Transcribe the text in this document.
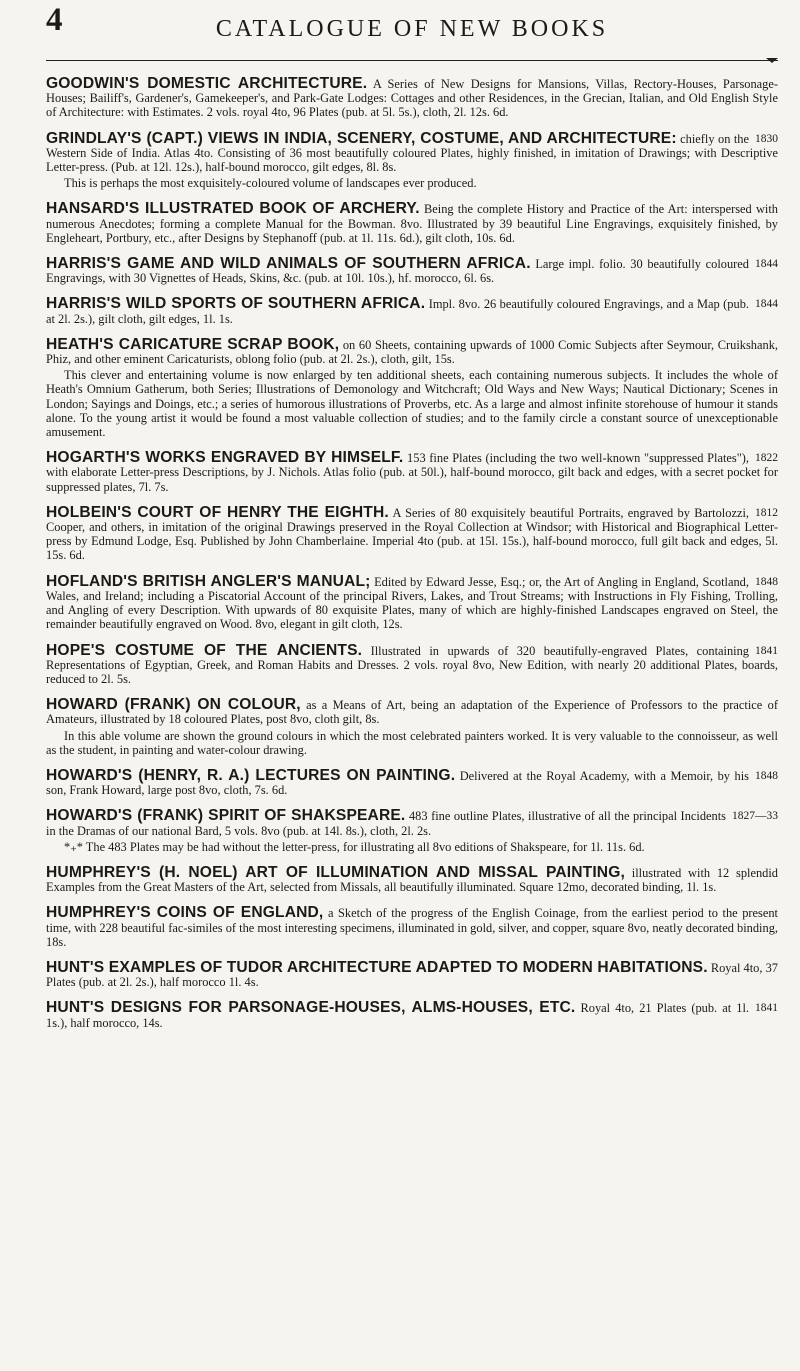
4	CATALOGUE OF NEW BOOKS

GOODWIN'S DOMESTIC ARCHITECTURE. A Series of New Designs for Mansions, Villas, Rectory-Houses, Parsonage-Houses; Bailiff's, Gardener's, Gamekeeper's, and Park-Gate Lodges: Cottages and other Residences, in the Grecian, Italian, and Old English Style of Architecture: with Estimates. 2 vols. royal 4to, 96 Plates (pub. at 5l. 5s.), cloth, 2l. 12s. 6d.

1830
GRINDLAY'S (CAPT.) VIEWS IN INDIA, SCENERY, COSTUME, AND ARCHITECTURE: chiefly on the Western Side of India. Atlas 4to. Consisting of 36 most beautifully coloured Plates, highly finished, in imitation of Drawings; with Descriptive Letter-press. (Pub. at 12l. 12s.), half-bound morocco, gilt edges, 8l. 8s.

This is perhaps the most exquisitely-coloured volume of landscapes ever produced.

HANSARD'S ILLUSTRATED BOOK OF ARCHERY. Being the complete History and Practice of the Art: interspersed with numerous Anecdotes; forming a complete Manual for the Bowman. 8vo. Illustrated by 39 beautiful Line Engravings, exquisitely finished, by Engleheart, Portbury, etc., after Designs by Stephanoff (pub. at 1l. 11s. 6d.), gilt cloth, 10s. 6d.

1844
HARRIS'S GAME AND WILD ANIMALS OF SOUTHERN AFRICA. Large impl. folio. 30 beautifully coloured Engravings, with 30 Vignettes of Heads, Skins, &c. (pub. at 10l. 10s.), hf. morocco, 6l. 6s.

1844
HARRIS'S WILD SPORTS OF SOUTHERN AFRICA. Impl. 8vo. 26 beautifully coloured Engravings, and a Map (pub. at 2l. 2s.), gilt cloth, gilt edges, 1l. 1s.

HEATH'S CARICATURE SCRAP BOOK, on 60 Sheets, containing upwards of 1000 Comic Subjects after Seymour, Cruikshank, Phiz, and other eminent Caricaturists, oblong folio (pub. at 2l. 2s.), cloth, gilt, 15s.

This clever and entertaining volume is now enlarged by ten additional sheets, each containing numerous subjects. It includes the whole of Heath's Omnium Gatherum, both Series; Illustrations of Demonology and Witchcraft; Old Ways and New Ways; Nautical Dictionary; Scenes in London; Sayings and Doings, etc.; a series of humorous illustrations of Proverbs, etc. As a large and almost infinite storehouse of humour it stands alone. To the young artist it would be found a most valuable collection of studies; and to the family circle a constant source of unexceptionable amusement.

1822
HOGARTH'S WORKS ENGRAVED BY HIMSELF. 153 fine Plates (including the two well-known "suppressed Plates"), with elaborate Letter-press Descriptions, by J. Nichols. Atlas folio (pub. at 50l.), half-bound morocco, gilt back and edges, with a secret pocket for suppressed plates, 7l. 7s.

1812
HOLBEIN'S COURT OF HENRY THE EIGHTH. A Series of 80 exquisitely beautiful Portraits, engraved by Bartolozzi, Cooper, and others, in imitation of the original Drawings preserved in the Royal Collection at Windsor; with Historical and Biographical Letter-press by Edmund Lodge, Esq. Published by John Chamberlaine. Imperial 4to (pub. at 15l. 15s.), half-bound morocco, full gilt back and edges, 5l. 15s. 6d.

1848
HOFLAND'S BRITISH ANGLER'S MANUAL; Edited by Edward Jesse, Esq.; or, the Art of Angling in England, Scotland, Wales, and Ireland; including a Piscatorial Account of the principal Rivers, Lakes, and Trout Streams; with Instructions in Fly Fishing, Trolling, and Angling of every Description. With upwards of 80 exquisite Plates, many of which are highly-finished Landscapes engraved on Steel, the remainder beautifully engraved on Wood. 8vo, elegant in gilt cloth, 12s.

1841
HOPE'S COSTUME OF THE ANCIENTS. Illustrated in upwards of 320 beautifully-engraved Plates, containing Representations of Egyptian, Greek, and Roman Habits and Dresses. 2 vols. royal 8vo, New Edition, with nearly 20 additional Plates, boards, reduced to 2l. 5s.

HOWARD (FRANK) ON COLOUR, as a Means of Art, being an adaptation of the Experience of Professors to the practice of Amateurs, illustrated by 18 coloured Plates, post 8vo, cloth gilt, 8s.

In this able volume are shown the ground colours in which the most celebrated painters worked. It is very valuable to the connoisseur, as well as the student, in painting and water-colour drawing.

1848
HOWARD'S (HENRY, R. A.) LECTURES ON PAINTING. Delivered at the Royal Academy, with a Memoir, by his son, Frank Howard, large post 8vo, cloth, 7s. 6d.

1827—33
HOWARD'S (FRANK) SPIRIT OF SHAKSPEARE. 483 fine outline Plates, illustrative of all the principal Incidents in the Dramas of our national Bard, 5 vols. 8vo (pub. at 14l. 8s.), cloth, 2l. 2s.

*₊* The 483 Plates may be had without the letter-press, for illustrating all 8vo editions of Shakspeare, for 1l. 11s. 6d.

HUMPHREY'S (H. NOEL) ART OF ILLUMINATION AND MISSAL PAINTING, illustrated with 12 splendid Examples from the Great Masters of the Art, selected from Missals, all beautifully illuminated. Square 12mo, decorated binding, 1l. 1s.

HUMPHREY'S COINS OF ENGLAND, a Sketch of the progress of the English Coinage, from the earliest period to the present time, with 228 beautiful fac-similes of the most interesting specimens, illuminated in gold, silver, and copper, square 8vo, neatly decorated binding, 18s.

HUNT'S EXAMPLES OF TUDOR ARCHITECTURE ADAPTED TO MODERN HABITATIONS. Royal 4to, 37 Plates (pub. at 2l. 2s.), half morocco 1l. 4s.

1841
HUNT'S DESIGNS FOR PARSONAGE-HOUSES, ALMS-HOUSES, ETC. Royal 4to, 21 Plates (pub. at 1l. 1s.), half morocco, 14s.
